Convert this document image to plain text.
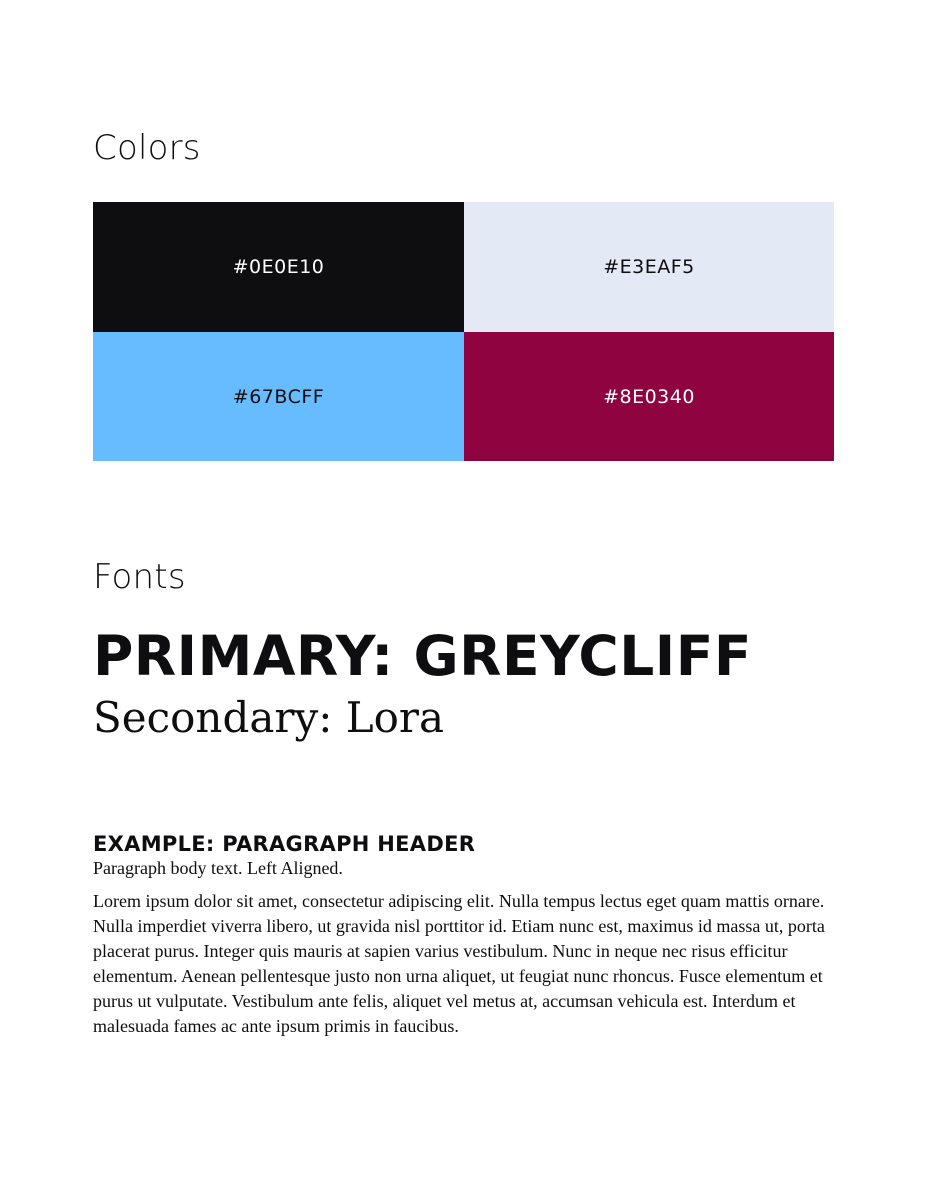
Colors
#0E0E10	#E3EAF5
#67BCFF	#8E0340
Fonts
PRIMARY: GREYCLIFF

Secondary: Lora

EXAMPLE: PARAGRAPH HEADER

Paragraph body text. Left Aligned.

Lorem ipsum dolor sit amet, consectetur adipiscing elit. Nulla tempus lectus eget quam mattis ornare. Nulla imperdiet viverra libero, ut gravida nisl porttitor id. Etiam nunc est, maximus id massa ut, porta placerat purus. Integer quis mauris at sapien varius vestibulum. Nunc in neque nec risus efficitur elementum. Aenean pellentesque justo non urna aliquet, ut feugiat nunc rhoncus. Fusce elementum et purus ut vulputate. Vestibulum ante felis, aliquet vel metus at, accumsan vehicula est. Interdum et malesuada fames ac ante ipsum primis in faucibus.
